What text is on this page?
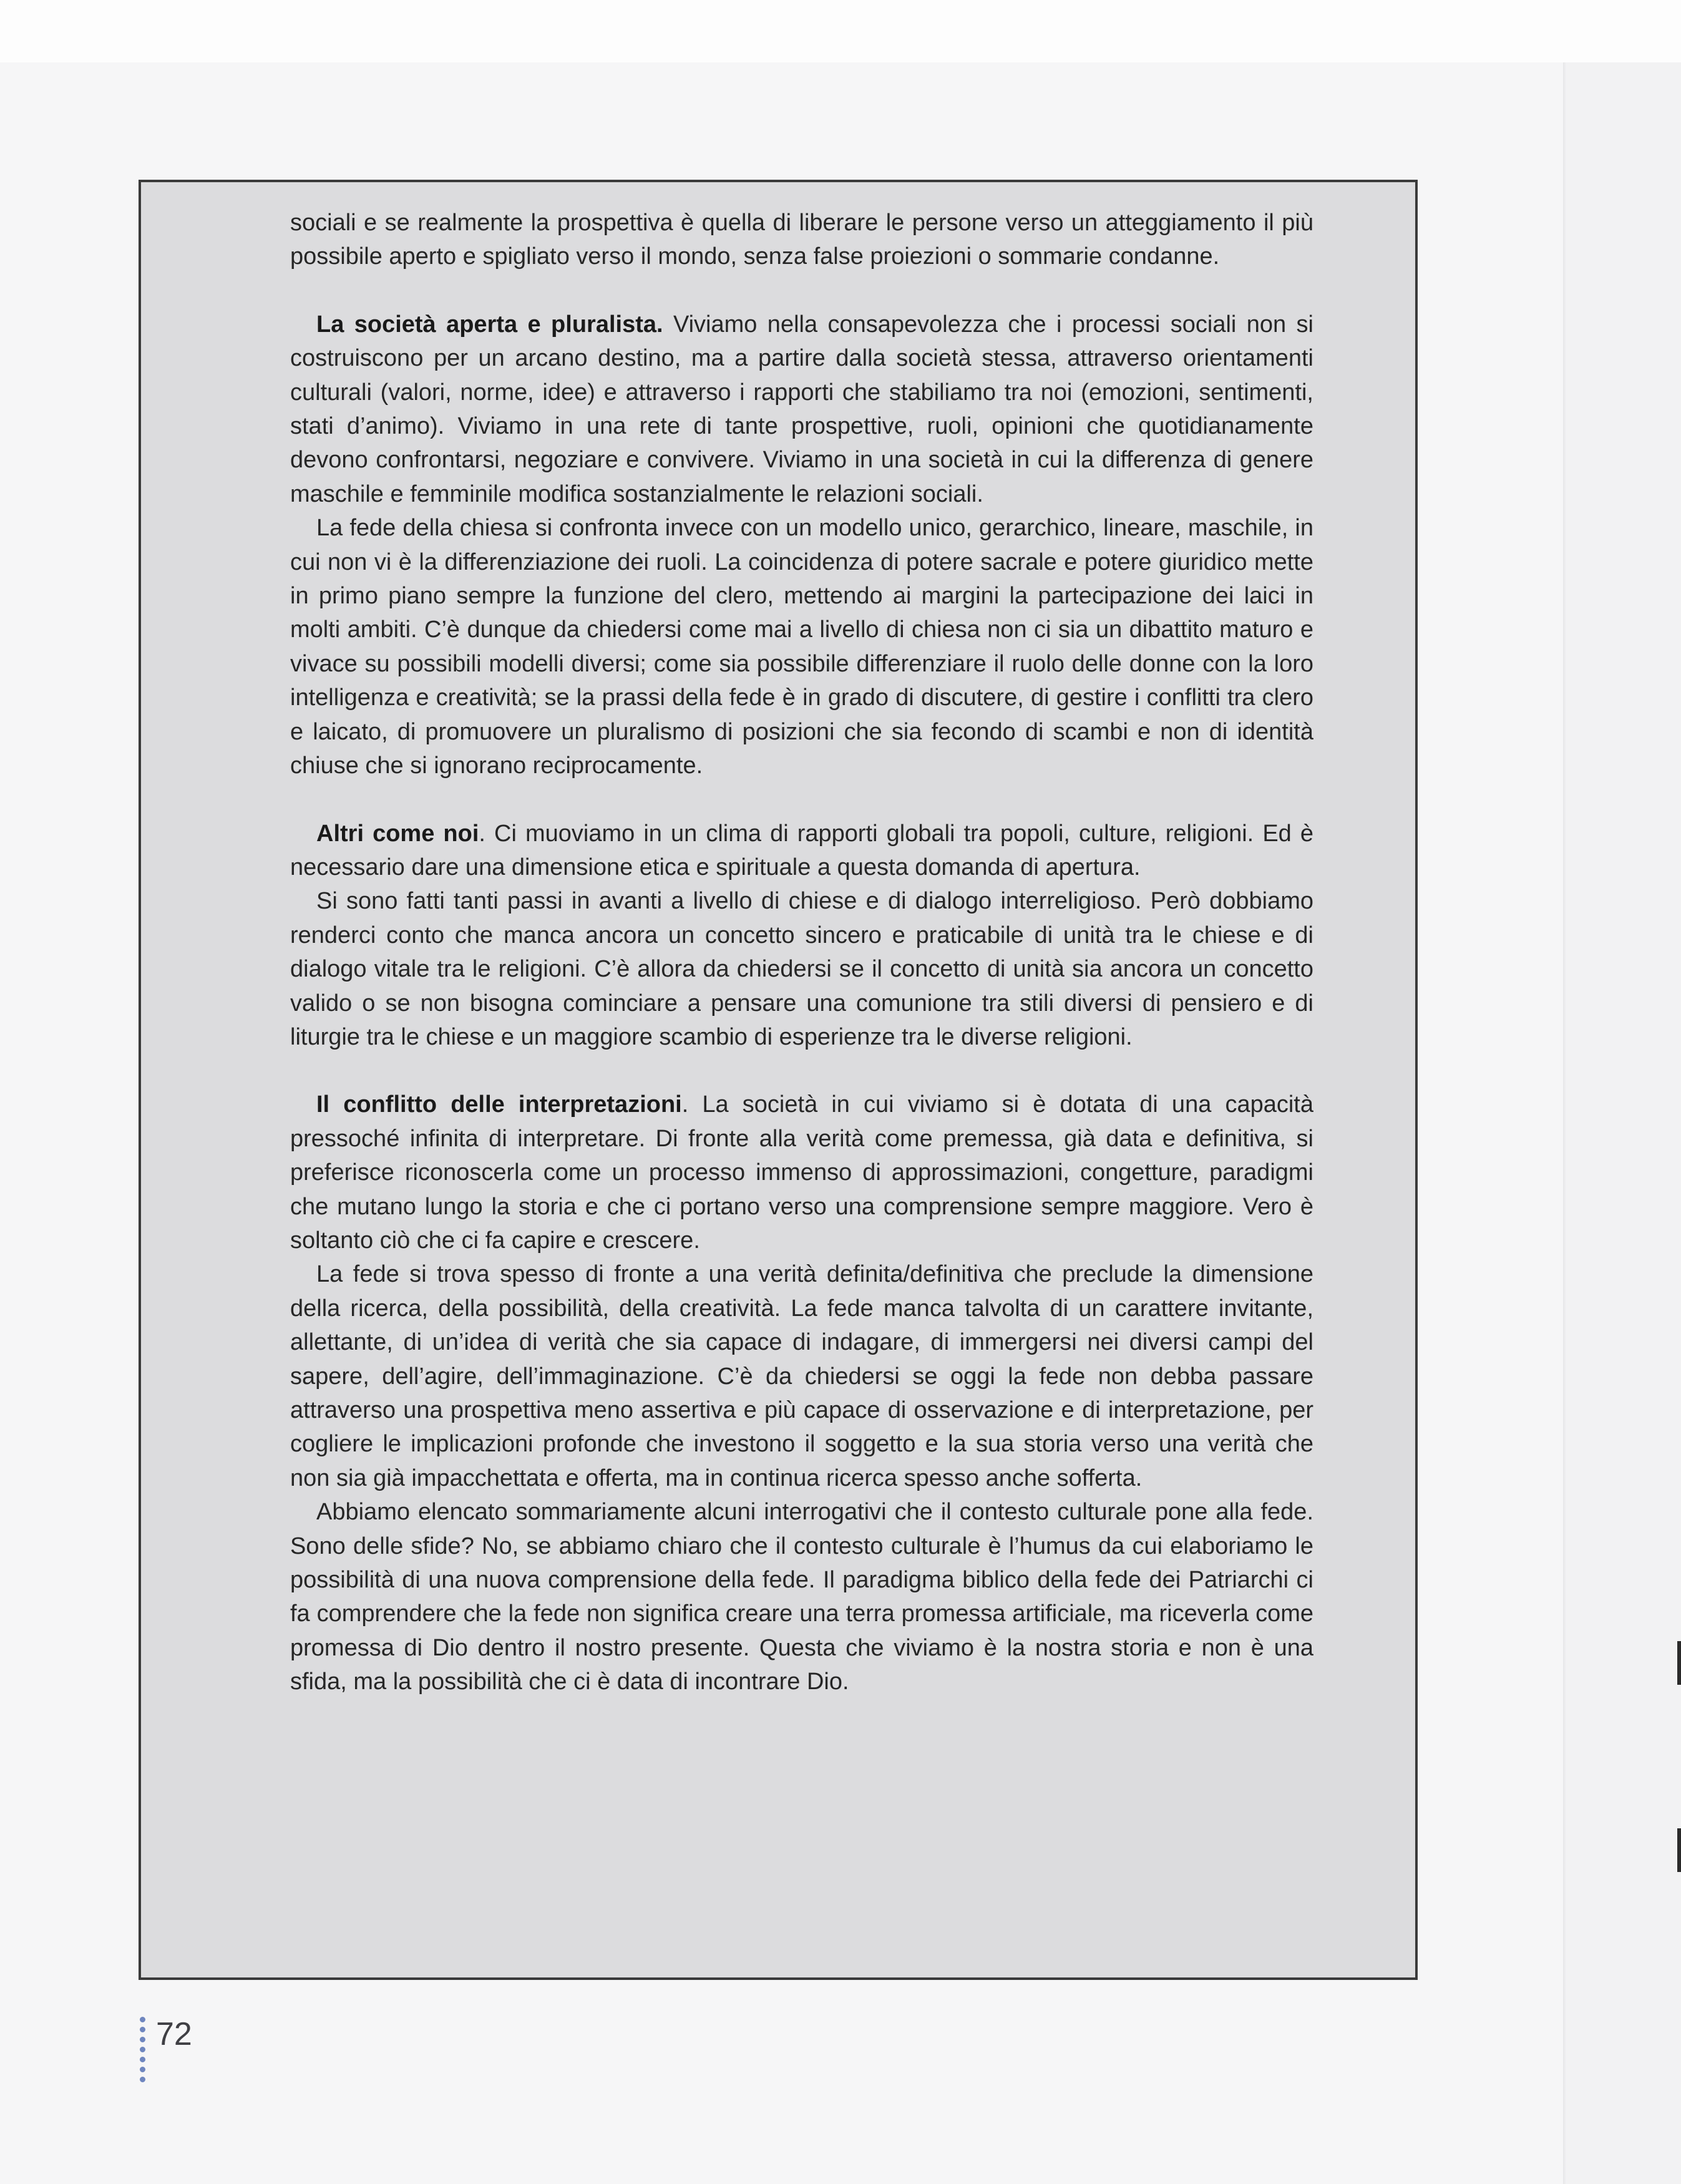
sociali e se realmente la prospettiva è quella di liberare le persone verso un atteggiamento il più possibile aperto e spigliato verso il mondo, senza false proiezioni o sommarie condanne.

La società aperta e pluralista. Viviamo nella consapevolezza che i processi sociali non si costruiscono per un arcano destino, ma a partire dalla società stessa, attraverso orientamenti culturali (valori, norme, idee) e attraverso i rapporti che stabiliamo tra noi (emozioni, sentimenti, stati d’animo). Viviamo in una rete di tante prospettive, ruoli, opinioni che quotidianamente devono confrontarsi, negoziare e convivere. Viviamo in una società in cui la differenza di genere maschile e femminile modifica sostanzialmente le relazioni sociali.

La fede della chiesa si confronta invece con un modello unico, gerarchico, lineare, maschile, in cui non vi è la differenziazione dei ruoli. La coincidenza di potere sacrale e potere giuridico mette in primo piano sempre la funzione del clero, mettendo ai margini la partecipazione dei laici in molti ambiti. C’è dunque da chiedersi come mai a livello di chiesa non ci sia un dibattito maturo e vivace su possibili modelli diversi; come sia possibile differenziare il ruolo delle donne con la loro intelligenza e creatività; se la prassi della fede è in grado di discutere, di gestire i conflitti tra clero e laicato, di promuovere un pluralismo di posizioni che sia fecondo di scambi e non di identità chiuse che si ignorano reciprocamente.

Altri come noi. Ci muoviamo in un clima di rapporti globali tra popoli, culture, religioni. Ed è necessario dare una dimensione etica e spirituale a questa domanda di apertura.

Si sono fatti tanti passi in avanti a livello di chiese e di dialogo interreligioso. Però dobbiamo renderci conto che manca ancora un concetto sincero e praticabile di unità tra le chiese e di dialogo vitale tra le religioni. C’è allora da chiedersi se il concetto di unità sia ancora un concetto valido o se non bisogna cominciare a pensare una comunione tra stili diversi di pensiero e di liturgie tra le chiese e un maggiore scambio di esperienze tra le diverse religioni.

Il conflitto delle interpretazioni. La società in cui viviamo si è dotata di una capacità pressoché infinita di interpretare. Di fronte alla verità come premessa, già data e definitiva, si preferisce riconoscerla come un processo immenso di approssimazioni, congetture, paradigmi che mutano lungo la storia e che ci portano verso una comprensione sempre maggiore. Vero è soltanto ciò che ci fa capire e crescere.

La fede si trova spesso di fronte a una verità definita/definitiva che preclude la dimensione della ricerca, della possibilità, della creatività. La fede manca talvolta di un carattere invitante, allettante, di un’idea di verità che sia capace di indagare, di immergersi nei diversi campi del sapere, dell’agire, dell’immaginazione. C’è da chiedersi se oggi la fede non debba passare attraverso una prospettiva meno assertiva e più capace di osservazione e di interpretazione, per cogliere le implicazioni profonde che investono il soggetto e la sua storia verso una verità che non sia già impacchettata e offerta, ma in continua ricerca spesso anche sofferta.

Abbiamo elencato sommariamente alcuni interrogativi che il contesto culturale pone alla fede. Sono delle sfide? No, se abbiamo chiaro che il contesto culturale è l’humus da cui elaboriamo le possibilità di una nuova comprensione della fede. Il paradigma biblico della fede dei Patriarchi ci fa comprendere che la fede non significa creare una terra promessa artificiale, ma riceverla come promessa di Dio dentro il nostro presente. Questa che viviamo è la nostra storia e non è una sfida, ma la possibilità che ci è data di incontrare Dio.

72
